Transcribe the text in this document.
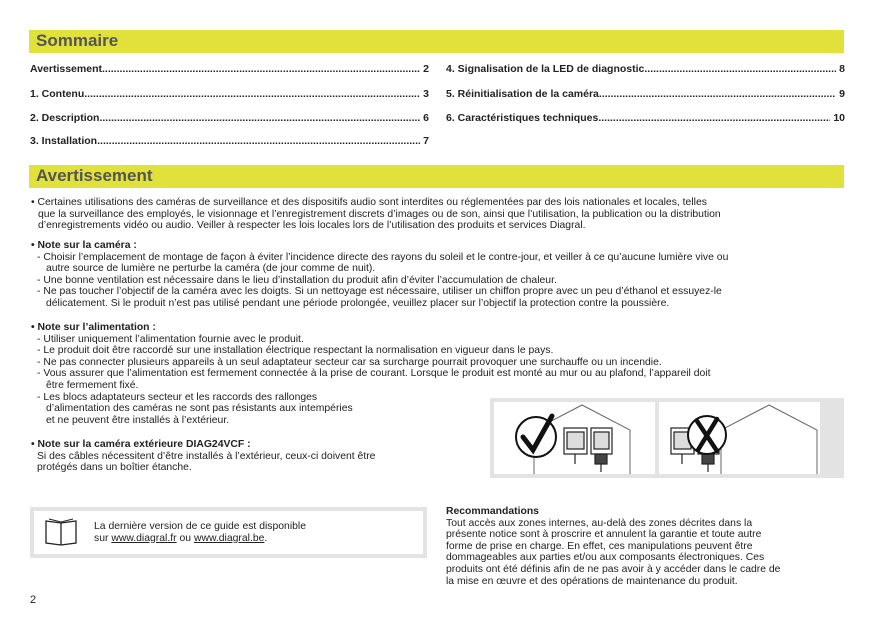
Sommaire
Avertissement .....	2
1. Contenu .....	3
2. Description .....	6
3. Installation .....	7
4. Signalisation de la LED de diagnostic .....	8
5. Réinitialisation de la caméra .....	9
6. Caractéristiques techniques .....	10
Avertissement
• Certaines utilisations des caméras de surveillance et des dispositifs audio sont interdites ou réglementées par des lois nationales et locales, telles
que la surveillance des employés, le visionnage et l’enregistrement discrets d’images ou de son, ainsi que l’utilisation, la publication ou la distribution
d’enregistrements vidéo ou audio. Veiller à respecter les lois locales lors de l’utilisation des produits et services Diagral.
• Note sur la caméra :
- Choisir l’emplacement de montage de façon à éviter l’incidence directe des rayons du soleil et le contre-jour, et veiller à ce qu’aucune lumière vive ou
autre source de lumière ne perturbe la caméra (de jour comme de nuit).
- Une bonne ventilation est nécessaire dans le lieu d’installation du produit afin d’éviter l’accumulation de chaleur.
- Ne pas toucher l’objectif de la caméra avec les doigts. Si un nettoyage est nécessaire, utiliser un chiffon propre avec un peu d’éthanol et essuyez-le
délicatement. Si le produit n’est pas utilisé pendant une période prolongée, veuillez placer sur l’objectif la protection contre la poussière.
• Note sur l’alimentation :
- Utiliser uniquement l’alimentation fournie avec le produit.
- Le produit doit être raccordé sur une installation électrique respectant la normalisation en vigueur dans le pays.
- Ne pas connecter plusieurs appareils à un seul adaptateur secteur car sa surcharge pourrait provoquer une surchauffe ou un incendie.
- Vous assurer que l’alimentation est fermement connectée à la prise de courant. Lorsque le produit est monté au mur ou au plafond, l’appareil doit
être fermement fixé.
- Les blocs adaptateurs secteur et les raccords des rallonges
d’alimentation des caméras ne sont pas résistants aux intempéries
et ne peuvent être installés à l’extérieur.
• Note sur la caméra extérieure DIAG24VCF :
Si des câbles nécessitent d’être installés à l’extérieur, ceux-ci doivent être
protégés dans un boîtier étanche.
La dernière version de ce guide est disponible
sur www.diagral.fr ou www.diagral.be.
Recommandations
Tout accès aux zones internes, au-delà des zones décrites dans la
présente notice sont à proscrire et annulent la garantie et toute autre
forme de prise en charge. En effet, ces manipulations peuvent être
dommageables aux parties et/ou aux composants électroniques. Ces
produits ont été définis afin de ne pas avoir à y accéder dans le cadre de
la mise en œuvre et des opérations de maintenance du produit.
2
